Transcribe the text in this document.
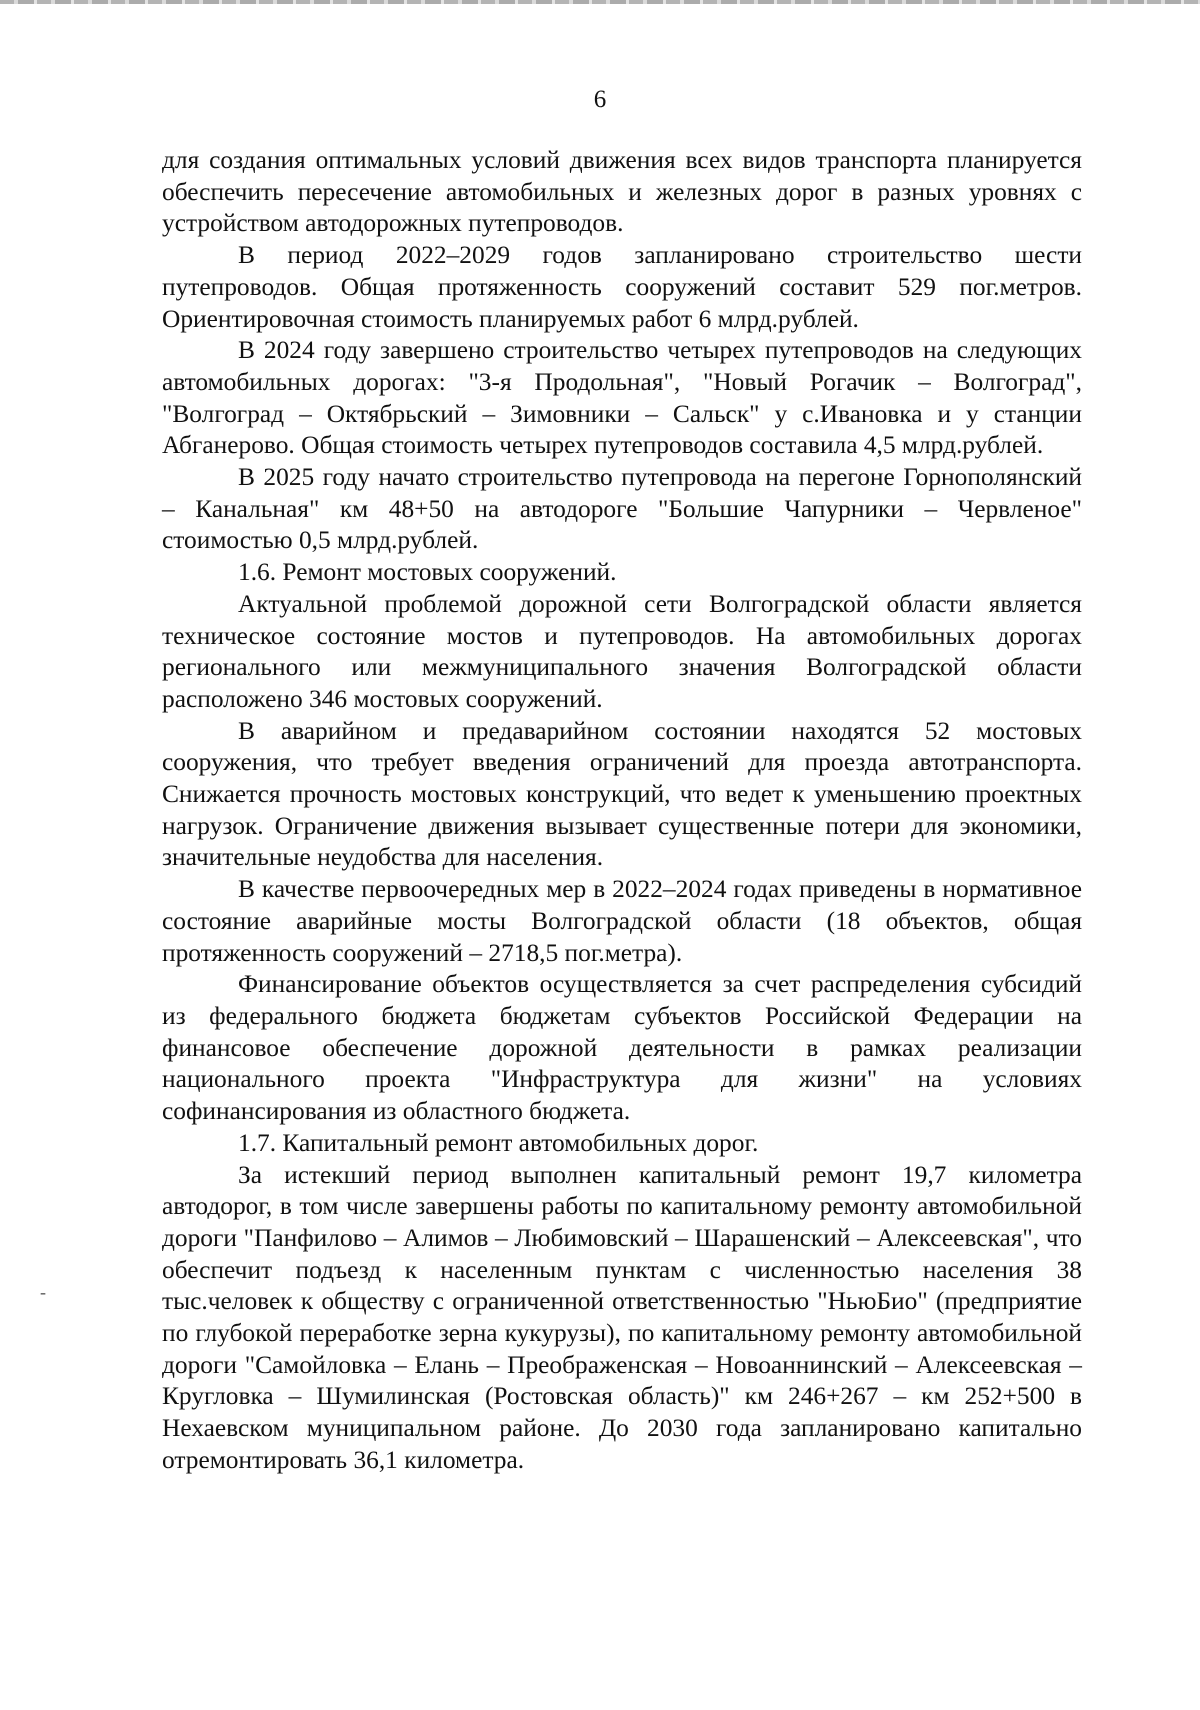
6

для создания оптимальных условий движения всех видов транспорта планируется обеспечить пересечение автомобильных и железных дорог в разных уровнях с устройством автодорожных путепроводов.

В период 2022–2029 годов запланировано строительство шести путепроводов. Общая протяженность сооружений составит 529 пог.метров. Ориентировочная стоимость планируемых работ 6 млрд.рублей.

В 2024 году завершено строительство четырех путепроводов на следующих автомобильных дорогах: "3-я Продольная", "Новый Рогачик – Волгоград", "Волгоград – Октябрьский – Зимовники – Сальск" у с.Ивановка и у станции Абганерово. Общая стоимость четырех путепроводов составила 4,5 млрд.рублей.

В 2025 году начато строительство путепровода на перегоне Горнополянский – Канальная" км 48+50 на автодороге "Большие Чапурники – Червленое" стоимостью 0,5 млрд.рублей.

1.6. Ремонт мостовых сооружений.

Актуальной проблемой дорожной сети Волгоградской области является техническое состояние мостов и путепроводов. На автомобильных дорогах регионального или межмуниципального значения Волгоградской области расположено 346 мостовых сооружений.

В аварийном и предаварийном состоянии находятся 52 мостовых сооружения, что требует введения ограничений для проезда автотранспорта. Снижается прочность мостовых конструкций, что ведет к уменьшению проектных нагрузок. Ограничение движения вызывает существенные потери для экономики, значительные неудобства для населения.

В качестве первоочередных мер в 2022–2024 годах приведены в нормативное состояние аварийные мосты Волгоградской области (18 объектов, общая протяженность сооружений – 2718,5 пог.метра).

Финансирование объектов осуществляется за счет распределения субсидий из федерального бюджета бюджетам субъектов Российской Федерации на финансовое обеспечение дорожной деятельности в рамках реализации национального проекта "Инфраструктура для жизни" на условиях софинансирования из областного бюджета.

1.7. Капитальный ремонт автомобильных дорог.

За истекший период выполнен капитальный ремонт 19,7 километра автодорог, в том числе завершены работы по капитальному ремонту автомобильной дороги "Панфилово – Алимов – Любимовский – Шарашенский – Алексеевская", что обеспечит подъезд к населенным пунктам с численностью населения 38 тыс.человек к обществу с ограниченной ответственностью "НьюБио" (предприятие по глубокой переработке зерна кукурузы), по капитальному ремонту автомобильной дороги "Самойловка – Елань – Преображенская – Новоаннинский – Алексеевская – Кругловка – Шумилинская (Ростовская область)" км 246+267 – км 252+500 в Нехаевском муниципальном районе. До 2030 года запланировано капитально отремонтировать 36,1 километра.

-
